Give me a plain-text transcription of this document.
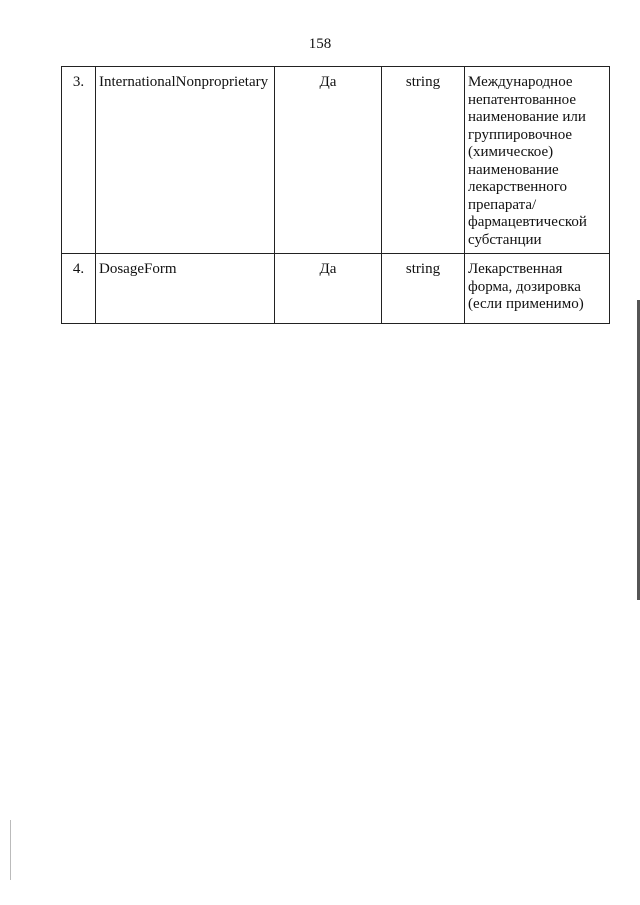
158
3.	InternationalNonproprietary	Да	string	Международное непатентованное наименование или группировочное (химическое) наименование лекарственного препарата/ фармацевтической субстанции
4.	DosageForm	Да	string	Лекарственная форма, дозировка (если применимо)
